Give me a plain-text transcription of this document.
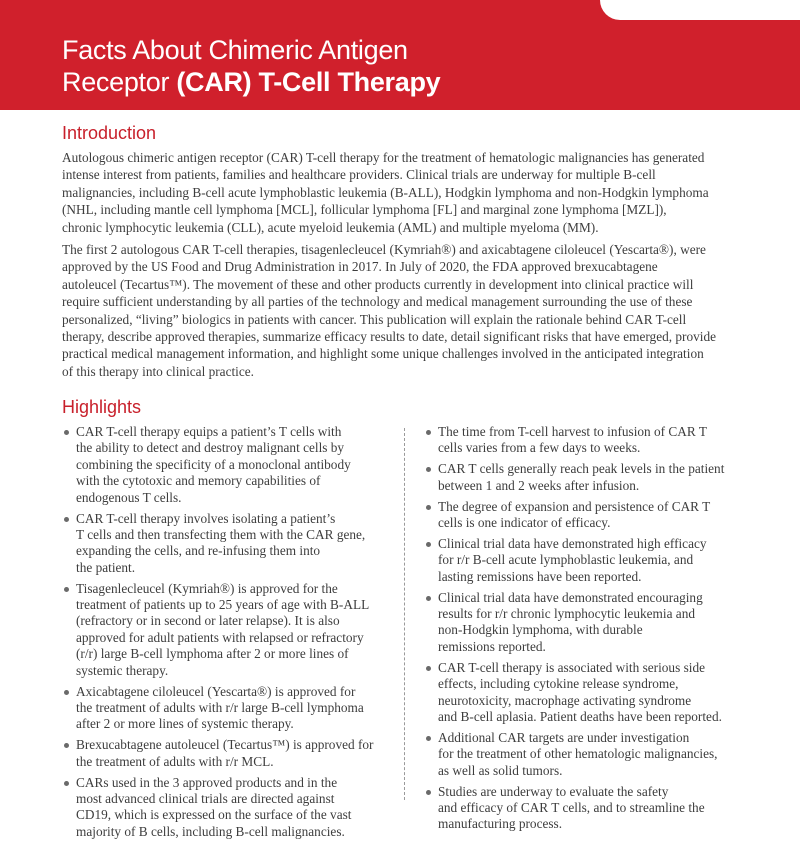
Facts About Chimeric Antigen
Receptor (CAR) T-Cell Therapy
Introduction
Autologous chimeric antigen receptor (CAR) T-cell therapy for the treatment of hematologic malignancies has generated
intense interest from patients, families and healthcare providers. Clinical trials are underway for multiple B-cell
malignancies, including B-cell acute lymphoblastic leukemia (B-ALL), Hodgkin lymphoma and non-Hodgkin lymphoma
(NHL, including mantle cell lymphoma [MCL], follicular lymphoma [FL] and marginal zone lymphoma [MZL]),
chronic lymphocytic leukemia (CLL), acute myeloid leukemia (AML) and multiple myeloma (MM).
The first 2 autologous CAR T-cell therapies, tisagenlecleucel (Kymriah®) and axicabtagene ciloleucel (Yescarta®), were
approved by the US Food and Drug Administration in 2017. In July of 2020, the FDA approved brexucabtagene
autoleucel (Tecartus™). The movement of these and other products currently in development into clinical practice will
require sufficient understanding by all parties of the technology and medical management surrounding the use of these
personalized, “living” biologics in patients with cancer. This publication will explain the rationale behind CAR T-cell
therapy, describe approved therapies, summarize efficacy results to date, detail significant risks that have emerged, provide
practical medical management information, and highlight some unique challenges involved in the anticipated integration
of this therapy into clinical practice.
Highlights
CAR T-cell therapy equips a patient’s T cells with
the ability to detect and destroy malignant cells by
combining the specificity of a monoclonal antibody
with the cytotoxic and memory capabilities of
endogenous T cells.
CAR T-cell therapy involves isolating a patient’s
T cells and then transfecting them with the CAR gene,
expanding the cells, and re-infusing them into
the patient.
Tisagenlecleucel (Kymriah®) is approved for the
treatment of patients up to 25 years of age with B-ALL
(refractory or in second or later relapse). It is also
approved for adult patients with relapsed or refractory
(r/r) large B-cell lymphoma after 2 or more lines of
systemic therapy.
Axicabtagene ciloleucel (Yescarta®) is approved for
the treatment of adults with r/r large B-cell lymphoma
after 2 or more lines of systemic therapy.
Brexucabtagene autoleucel (Tecartus™) is approved for
the treatment of adults with r/r MCL.
CARs used in the 3 approved products and in the
most advanced clinical trials are directed against
CD19, which is expressed on the surface of the vast
majority of B cells, including B-cell malignancies.
The time from T-cell harvest to infusion of CAR T
cells varies from a few days to weeks.
CAR T cells generally reach peak levels in the patient
between 1 and 2 weeks after infusion.
The degree of expansion and persistence of CAR T
cells is one indicator of efficacy.
Clinical trial data have demonstrated high efficacy
for r/r B-cell acute lymphoblastic leukemia, and
lasting remissions have been reported.
Clinical trial data have demonstrated encouraging
results for r/r chronic lymphocytic leukemia and
non-Hodgkin lymphoma, with durable
remissions reported.
CAR T-cell therapy is associated with serious side
effects, including cytokine release syndrome,
neurotoxicity, macrophage activating syndrome
and B-cell aplasia. Patient deaths have been reported.
Additional CAR targets are under investigation
for the treatment of other hematologic malignancies,
as well as solid tumors.
Studies are underway to evaluate the safety
and efficacy of CAR T cells, and to streamline the
manufacturing process.
